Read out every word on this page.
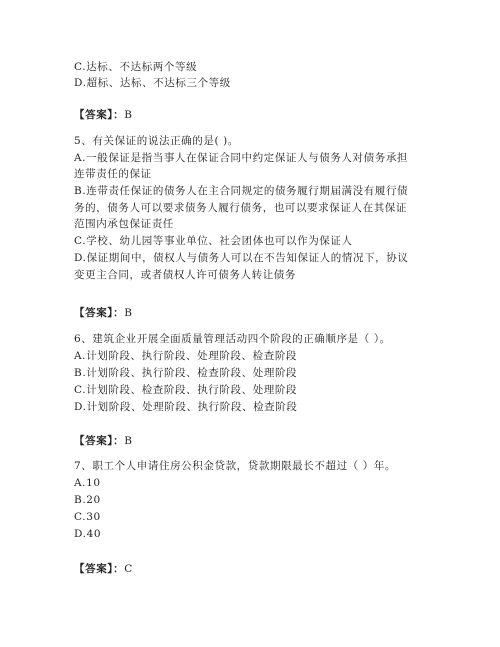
C.达标、不达标两个等级
D.超标、达标、不达标三个等级
【答案】：B
5、有关保证的说法正确的是( )。
A.一般保证是指当事人在保证合同中约定保证人与债务人对债务承担
连带责任的保证
B.连带责任保证的债务人在主合同规定的债务履行期届满没有履行债
务的，债务人可以要求债务人履行债务，也可以要求保证人在其保证
范围内承包保证责任
C.学校、幼儿园等事业单位、社会团体也可以作为保证人
D.保证期间中，债权人与债务人可以在不告知保证人的情况下，协议
变更主合同，或者债权人许可债务人转让债务
【答案】：B
6、建筑企业开展全面质量管理活动四个阶段的正确顺序是（ ）。
A.计划阶段、执行阶段、处理阶段、检查阶段
B.计划阶段、执行阶段、检查阶段、处理阶段
C.计划阶段、检查阶段、执行阶段、处理阶段
D.计划阶段、处理阶段、执行阶段、检查阶段
【答案】：B
7、职工个人申请住房公积金贷款，贷款期限最长不超过（ ）年。
A.10
B.20
C.30
D.40
【答案】：C
